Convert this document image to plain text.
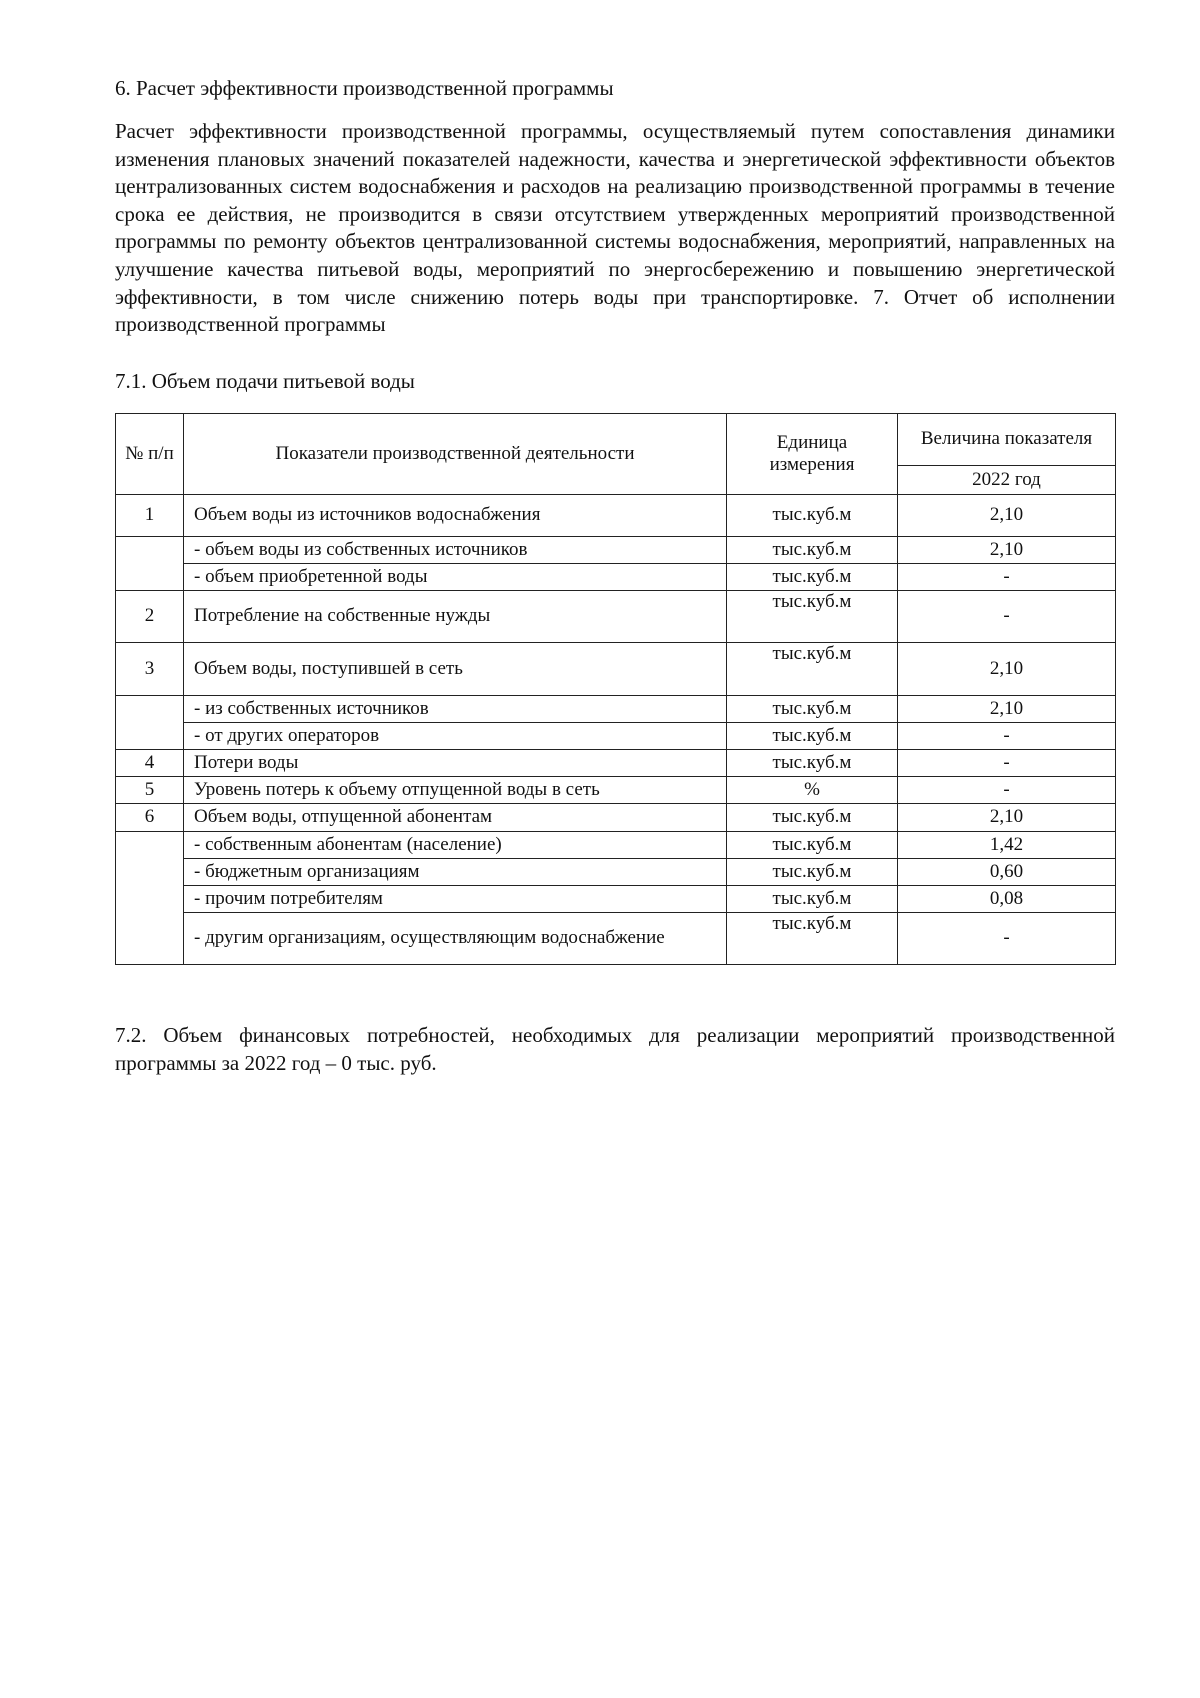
6. Расчет эффективности производственной программы

Расчет эффективности производственной программы, осуществляемый путем сопоставления динамики изменения плановых значений показателей надежности, качества и энергетической эффективности объектов централизованных систем водоснабжения и расходов на реализацию производственной программы в течение срока ее действия, не производится в связи отсутствием утвержденных мероприятий производственной программы по ремонту объектов централизованной системы водоснабжения, мероприятий, направленных на улучшение качества питьевой воды, мероприятий по энергосбережению и повышению энергетической эффективности, в том числе снижению потерь воды при транспортировке. 7. Отчет об исполнении производственной программы

7.1. Объем подачи питьевой воды

№ п/п	Показатели производственной деятельности	Единица измерения	Величина показателя
			2022 год
1	Объем воды из источников водоснабжения	тыс.куб.м	2,10
	- объем воды из собственных источников	тыс.куб.м	2,10
	- объем приобретенной воды	тыс.куб.м	-
2	Потребление на собственные нужды	тыс.куб.м	-
3	Объем воды, поступившей в сеть	тыс.куб.м	2,10
	- из собственных источников	тыс.куб.м	2,10
	- от других операторов	тыс.куб.м	-
4	Потери воды	тыс.куб.м	-
5	Уровень потерь к объему отпущенной воды в сеть	%	-
6	Объем воды, отпущенной абонентам	тыс.куб.м	2,10
	- собственным абонентам (население)	тыс.куб.м	1,42
	- бюджетным организациям	тыс.куб.м	0,60
	- прочим потребителям	тыс.куб.м	0,08
	- другим организациям, осуществляющим водоснабжение	тыс.куб.м	-

7.2. Объем финансовых потребностей, необходимых для реализации мероприятий производственной программы за 2022 год – 0 тыс. руб.
